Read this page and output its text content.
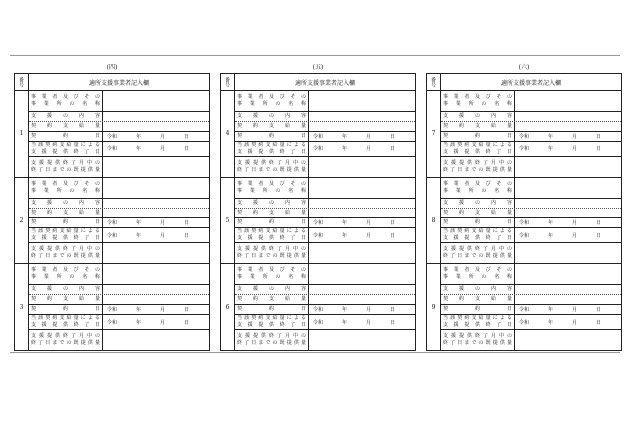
(四)
番号	適所支援事業者記入欄
1
事業者及びその
事業所の名称
支援の内容
契約支給量
契約日 令和	年	月	日
当該契約支給量による
支援提供終了日 令和	年	月	日
支援提供終了月中の
終了日までの既提供量
2
事業者及びその
事業所の名称
支援の内容
契約支給量
契約日 令和	年	月	日
当該契約支給量による
支援提供終了日 令和	年	月	日
支援提供終了月中の
終了日までの既提供量
3
事業者及びその
事業所の名称
支援の内容
契約支給量
契約日 令和	年	月	日
当該契約支給量による
支援提供終了日 令和	年	月	日
支援提供終了月中の
終了日までの既提供量
(五)
番号	適所支援事業者記入欄
4
事業者及びその
事業所の名称
支援の内容
契約支給量
契約日 令和	年	月	日
当該契約支給量による
支援提供終了日 令和	年	月	日
支援提供終了月中の
終了日までの既提供量
5
事業者及びその
事業所の名称
支援の内容
契約支給量
契約日 令和	年	月	日
当該契約支給量による
支援提供終了日 令和	年	月	日
支援提供終了月中の
終了日までの既提供量
6
事業者及びその
事業所の名称
支援の内容
契約支給量
契約日 令和	年	月	日
当該契約支給量による
支援提供終了日 令和	年	月	日
支援提供終了月中の
終了日までの既提供量
(六)
番号	適所支援事業者記入欄
7
事業者及びその
事業所の名称
支援の内容
契約支給量
契約日 令和	年	月	日
当該契約支給量による
支援提供終了日 令和	年	月	日
支援提供終了月中の
終了日までの既提供量
8
事業者及びその
事業所の名称
支援の内容
契約支給量
契約日 令和	年	月	日
当該契約支給量による
支援提供終了日 令和	年	月	日
支援提供終了月中の
終了日までの既提供量
9
事業者及びその
事業所の名称
支援の内容
契約支給量
契約日 令和	年	月	日
当該契約支給量による
支援提供終了日 令和	年	月	日
支援提供終了月中の
終了日までの既提供量
